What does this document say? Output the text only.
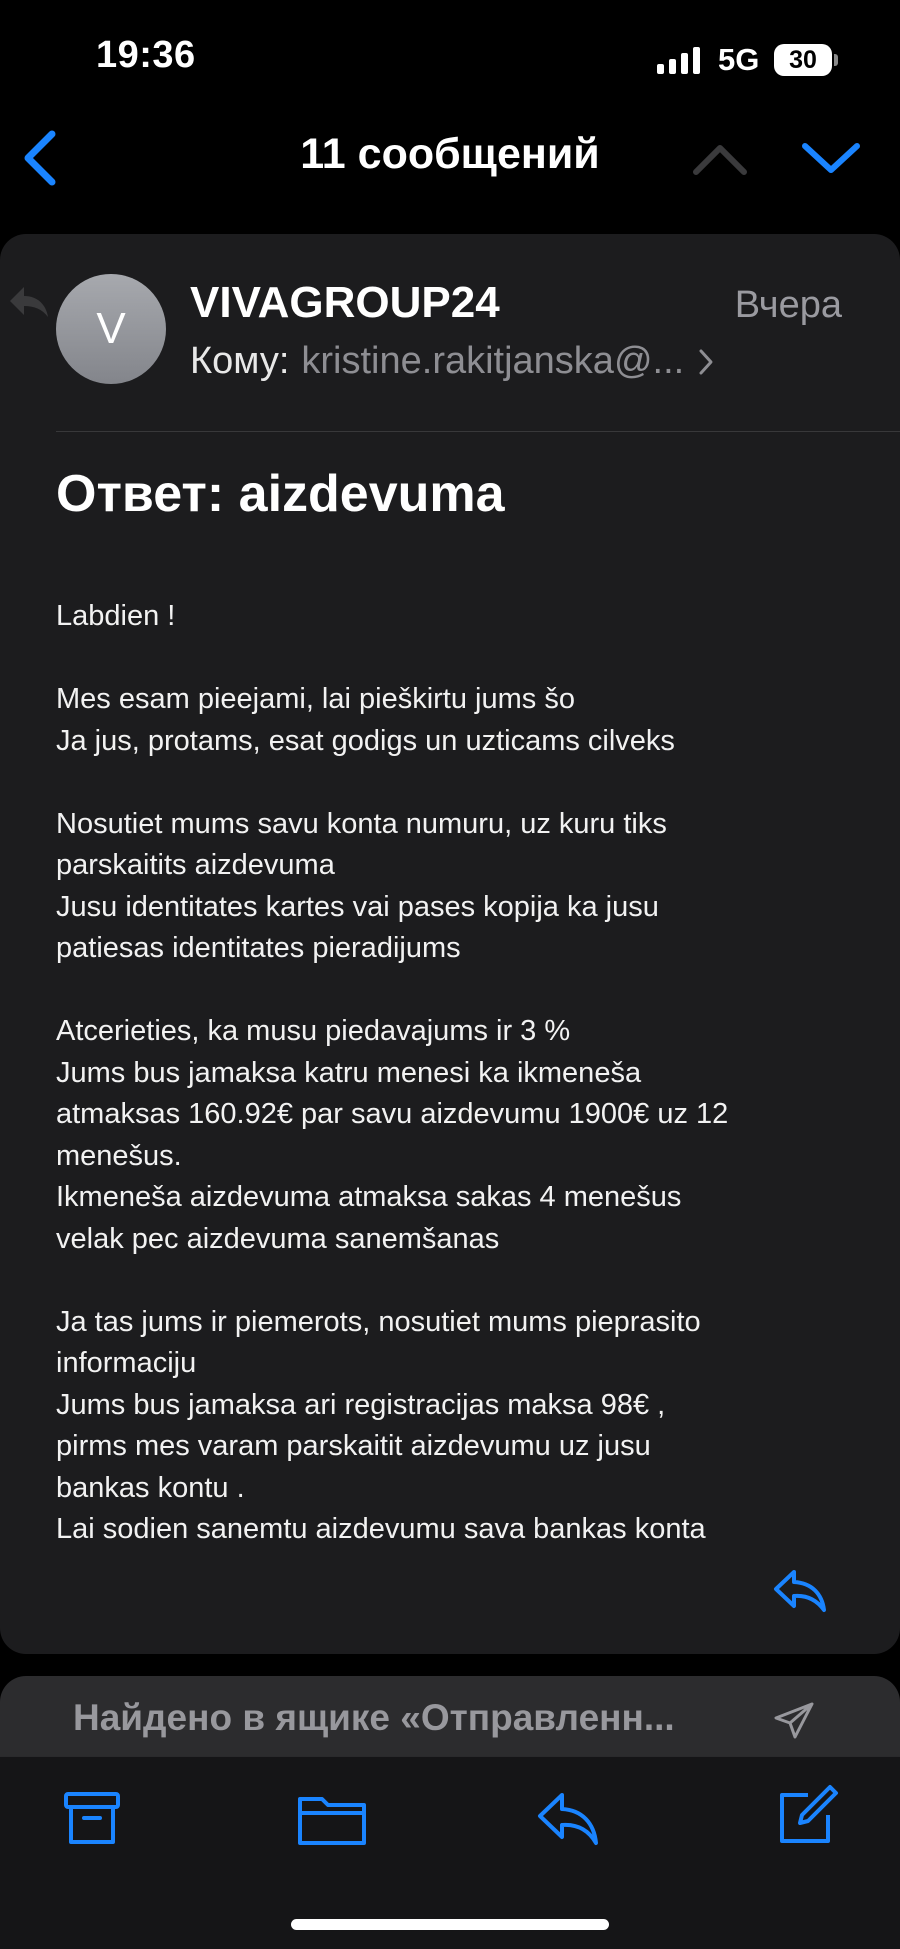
19:36	5G 30
11 сообщений
V
VIVAGROUP24	Вчера
Кому: kristine.rakitjanska@...
Ответ: aizdevuma
Labdien !

Mes esam pieejami, lai pieškirtu jums šo
Ja jus, protams, esat godigs un uzticams cilveks

Nosutiet mums savu konta numuru, uz kuru tiks
parskaitits aizdevuma
Jusu identitates kartes vai pases kopija ka jusu
patiesas identitates pieradijums

Atcerieties, ka musu piedavajums ir 3 %
Jums bus jamaksa katru menesi ka ikmeneša
atmaksas 160.92€ par savu aizdevumu 1900€ uz 12
menešus.
Ikmeneša aizdevuma atmaksa sakas 4 menešus
velak pec aizdevuma sanemšanas

Ja tas jums ir piemerots, nosutiet mums pieprasito
informaciju
Jums bus jamaksa ari registracijas maksa 98€ ,
pirms mes varam parskaitit aizdevumu uz jusu
bankas kontu .
Lai sodien sanemtu aizdevumu sava bankas konta
Найдено в ящике «Отправленн...
